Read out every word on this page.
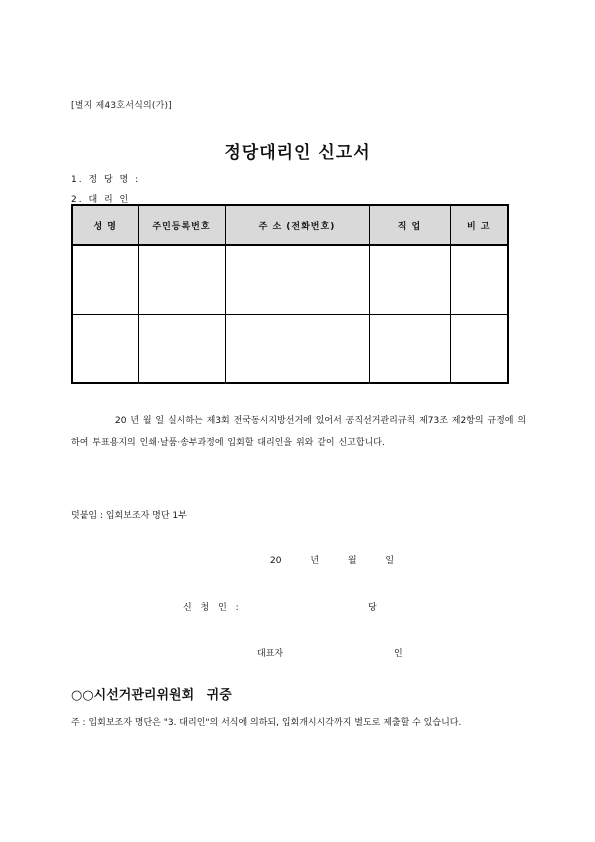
[별지 제43호서식의(가)]
정당대리인 신고서
1. 정 당 명 :
2. 대 리 인
성 명	주민등록번호	주 소 (전화번호)	직 업	비 고

20 년 월 일 실시하는 제3회 전국동시지방선거에 있어서 공직선거관리규칙 제73조 제2항의 규정에 의하여 투표용지의 인쇄·날품·송부과정에 입회할 대리인을 위와 같이 신고합니다.
덧붙임 : 입회보조자 명단 1부
20 년 월 일
신 청 인 :	당
대표자	인
○○시선거관리위원회 귀중
주 : 입회보조자 명단은 "3. 대리인"의 서식에 의하되, 입회개시시각까지 별도로 제출할 수 있습니다.
